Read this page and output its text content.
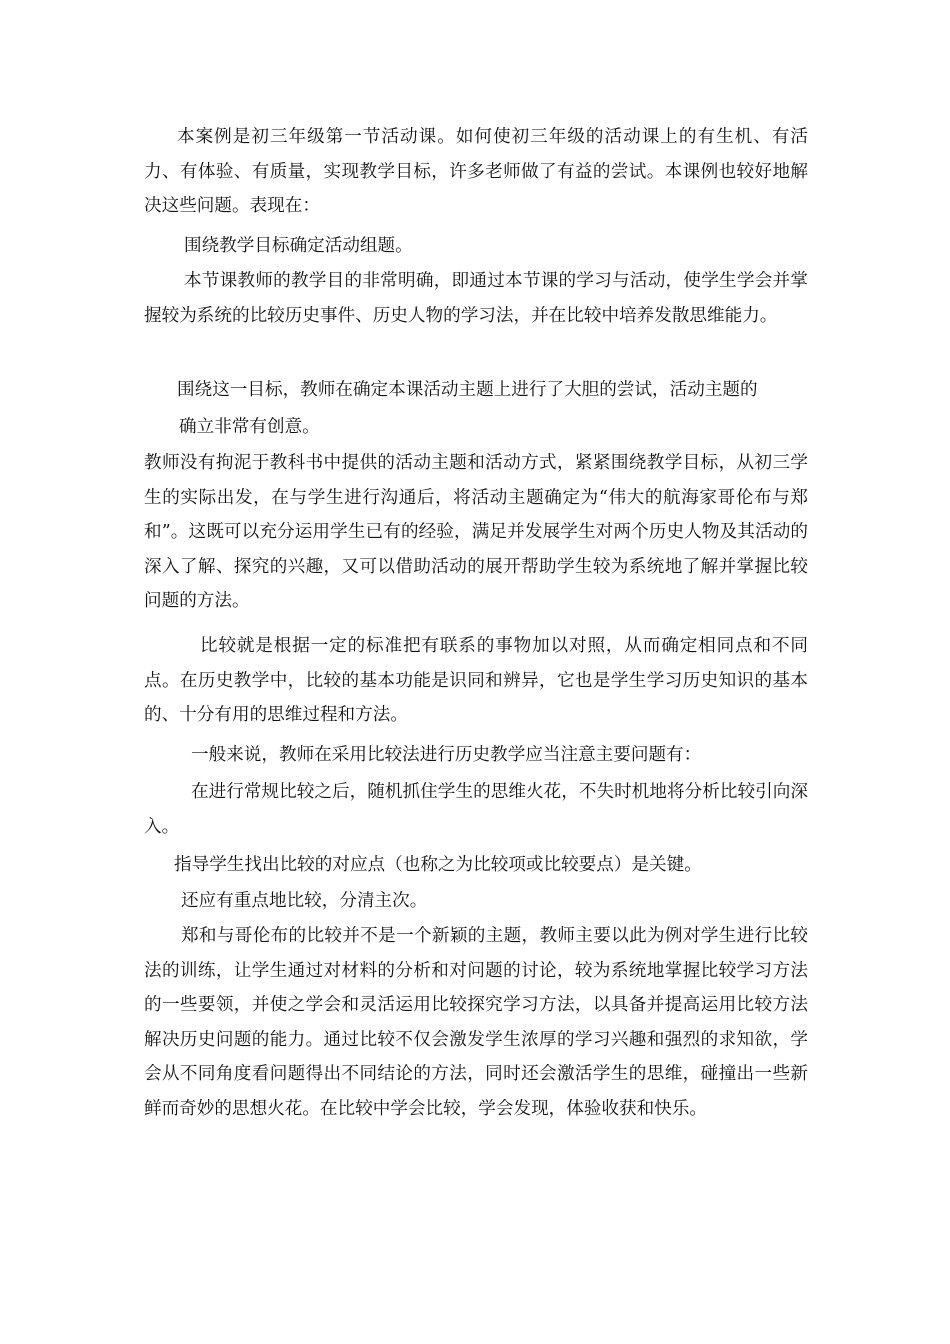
本案例是初三年级第一节活动课。如何使初三年级的活动课上的有生机、有活力、有体验、有质量，实现教学目标，许多老师做了有益的尝试。本课例也较好地解决这些问题。表现在：

围绕教学目标确定活动组题。

本节课教师的教学目的非常明确，即通过本节课的学习与活动，使学生学会并掌握较为系统的比较历史事件、历史人物的学习法，并在比较中培养发散思维能力。

围绕这一目标，教师在确定本课活动主题上进行了大胆的尝试，活动主题的

确立非常有创意。

教师没有拘泥于教科书中提供的活动主题和活动方式，紧紧围绕教学目标，从初三学生的实际出发，在与学生进行沟通后，将活动主题确定为“伟大的航海家哥伦布与郑和”。这既可以充分运用学生已有的经验，满足并发展学生对两个历史人物及其活动的深入了解、探究的兴趣，又可以借助活动的展开帮助学生较为系统地了解并掌握比较问题的方法。

比较就是根据一定的标准把有联系的事物加以对照，从而确定相同点和不同点。在历史教学中，比较的基本功能是识同和辨异，它也是学生学习历史知识的基本的、十分有用的思维过程和方法。

一般来说，教师在采用比较法进行历史教学应当注意主要问题有：

在进行常规比较之后，随机抓住学生的思维火花，不失时机地将分析比较引向深入。

指导学生找出比较的对应点（也称之为比较项或比较要点）是关键。

还应有重点地比较，分清主次。

郑和与哥伦布的比较并不是一个新颖的主题，教师主要以此为例对学生进行比较法的训练，让学生通过对材料的分析和对问题的讨论，较为系统地掌握比较学习方法的一些要领，并使之学会和灵活运用比较探究学习方法，以具备并提高运用比较方法解决历史问题的能力。通过比较不仅会激发学生浓厚的学习兴趣和强烈的求知欲，学会从不同角度看问题得出不同结论的方法，同时还会激活学生的思维，碰撞出一些新鲜而奇妙的思想火花。在比较中学会比较，学会发现，体验收获和快乐。
